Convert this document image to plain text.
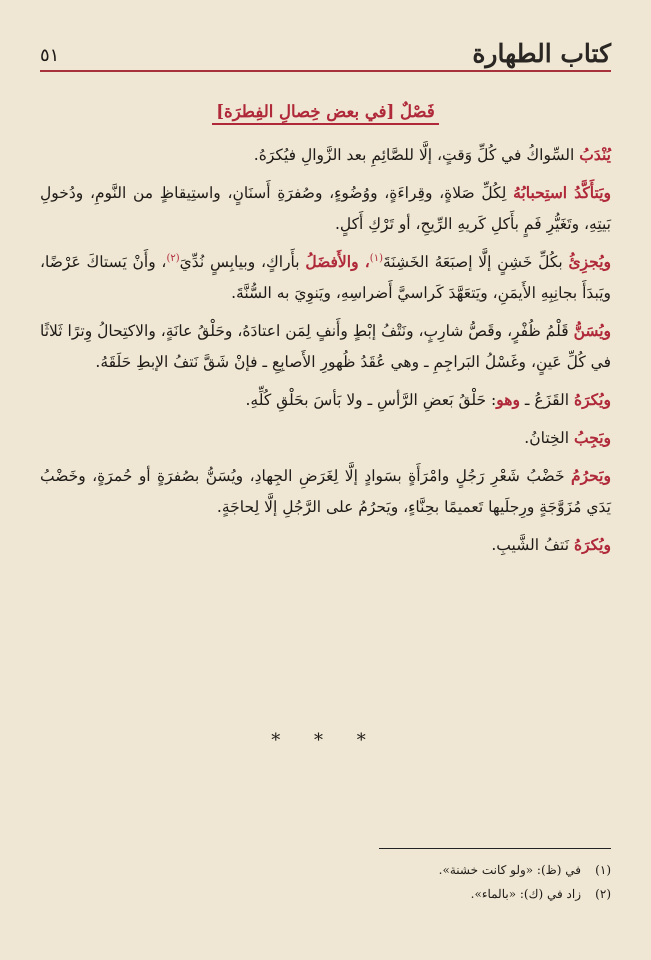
٥١	كتاب الطهارة
فَصْلٌ [في بعض خِصالِ الفِطرَة]

يُنْدَبُ السِّواكُ في كُلِّ وَقتٍ، إلَّا للصَّائِمِ بعد الزَّوالِ فيُكرَهُ.

ويَتأَكَّدُ استِحبابُهُ لِكُلِّ صَلاةٍ، وقِراءَةٍ، ووُضُوءٍ، وصُفرَةِ أَسنَانٍ، واستِيقاظٍ من النَّومِ، ودُخولِ بَيتِهِ، وتَغَيُّرِ فَمٍ بأَكلِ كَريهِ الرِّيحِ، أو تَرْكِ أَكلٍ.

ويُجزِئُ بكُلِّ خَشِنٍ إلَّا إصبَعَهُ الخَشِنَةَ$^{(١)}$، والأَفضَلُ بأَراكٍ، وبيابِسٍ نُدِّيَ$^{(٢)}$، وأَنْ يَستاكَ عَرْضًا، ويَبدَأَ بجانِبِهِ الأَيمَنِ، ويَتعَهَّدَ كَراسيَّ أَضراسِهِ، ويَنوِيَ به السُّنَّةَ.

ويُسَنُّ قَلْمُ ظُفْرٍ، وقَصُّ شارِبٍ، ونَتْفُ إبْطٍ وأَنفٍ لِمَن اعتادَهُ، وحَلْقُ عانَةٍ، والاكتِحالُ وِترًا ثَلاثًا في كُلِّ عَينٍ، وغَسْلُ البَراجِمِ ـ وهي عُقَدُ ظُهورِ الأَصابِعِ ـ فإنْ شَقَّ نَتفُ الإبطِ حَلَقَهُ.

ويُكرَهُ القَزَعُ ـ وهو: حَلْقُ بَعضِ الرَّأسِ ـ ولا بَأسَ بحَلْقِ كُلِّهِ.

ويَجِبُ الخِتانُ.

ويَحرُمُ خَضْبُ شَعْرِ رَجُلٍ وامْرَأَةٍ بسَوادٍ إلَّا لِغَرَضِ الجِهادِ، ويُسَنُّ بصُفرَةٍ أو حُمرَةٍ، وخَضْبُ يَدَي مُزَوَّجَةٍ ورِجلَيها تَعميمًا بحِنَّاءٍ، ويَحرُمُ على الرَّجُلِ إلَّا لِحاجَةٍ.

ويُكرَهُ نَتفُ الشَّيبِ.

* * *
(١)
في (ظ): «ولو كانت خشنة».
(٢)
زاد في (ك): «بالماء».
